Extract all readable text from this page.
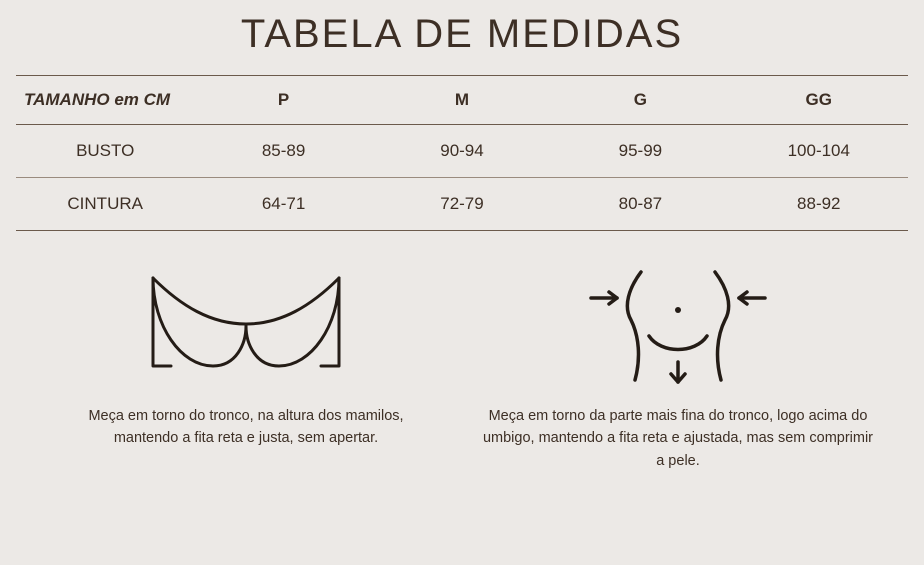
TABELA DE MEDIDAS
TAMANHO em CM	P	M	G	GG
BUSTO	85-89	90-94	95-99	100-104
CINTURA	64-71	72-79	80-87	88-92
Meça em torno do tronco, na altura dos mamilos, mantendo a fita reta e justa, sem apertar.
Meça em torno da parte mais fina do tronco, logo acima do umbigo, mantendo a fita reta e ajustada, mas sem comprimir a pele.
